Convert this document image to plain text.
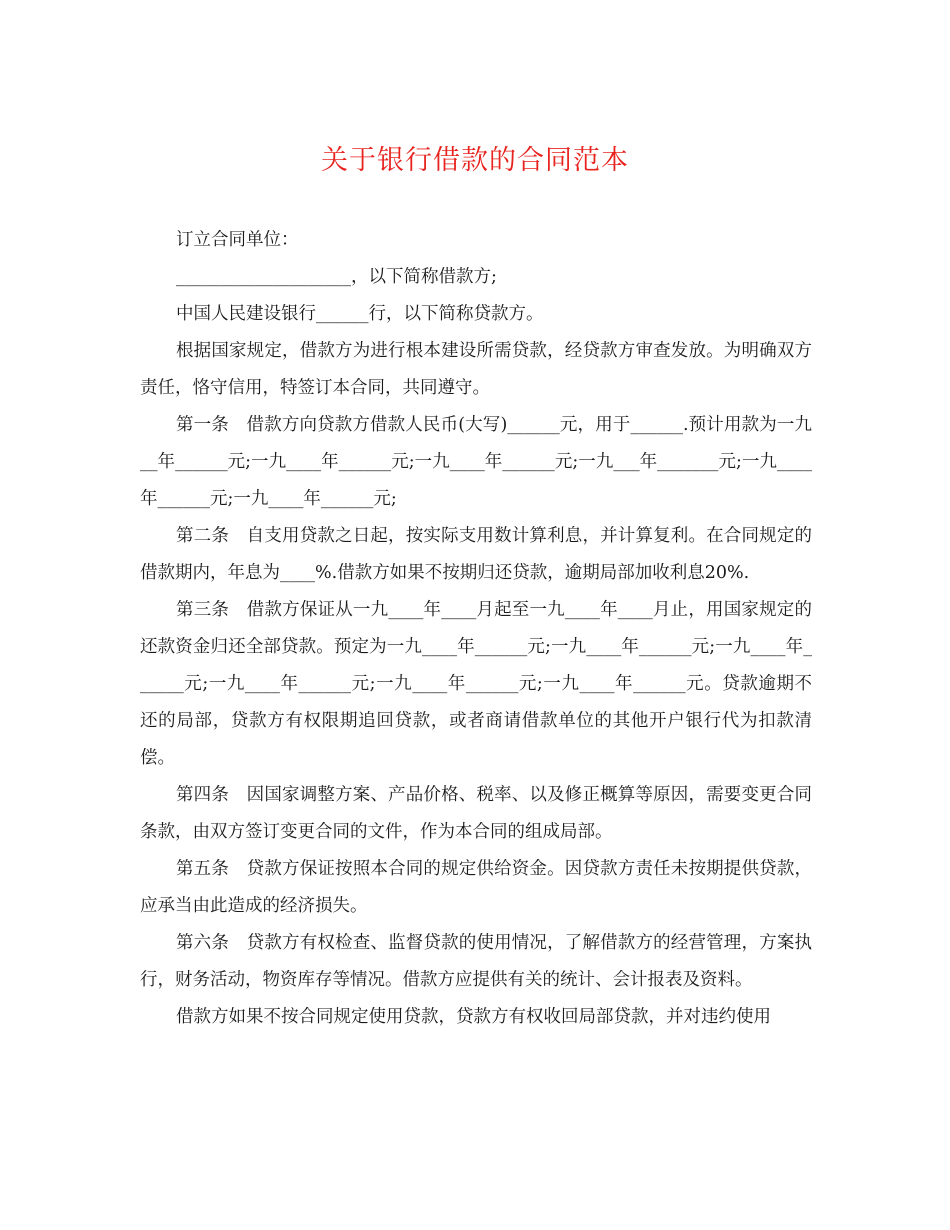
关于银行借款的合同范本

订立合同单位：

____________________，以下简称借款方;

中国人民建设银行______行，以下简称贷款方。

根据国家规定，借款方为进行根本建设所需贷款，经贷款方审查发放。为明确双方责任，恪守信用，特签订本合同，共同遵守。

第一条　借款方向贷款方借款人民币(大写)______元，用于______.预计用款为一九__年______元;一九____年______元;一九____年______元;一九___年_______元;一九____年______元;一九____年______元;

第二条　自支用贷款之日起，按实际支用数计算利息，并计算复利。在合同规定的借款期内，年息为____%.借款方如果不按期归还贷款，逾期局部加收利息20%.

第三条　借款方保证从一九____年____月起至一九____年____月止，用国家规定的还款资金归还全部贷款。预定为一九____年______元;一九____年______元;一九____年______元;一九____年______元;一九____年______元;一九____年______元。贷款逾期不还的局部，贷款方有权限期追回贷款，或者商请借款单位的其他开户银行代为扣款清偿。

第四条　因国家调整方案、产品价格、税率、以及修正概算等原因，需要变更合同条款，由双方签订变更合同的文件，作为本合同的组成局部。

第五条　贷款方保证按照本合同的规定供给资金。因贷款方责任未按期提供贷款，应承当由此造成的经济损失。

第六条　贷款方有权检查、监督贷款的使用情况，了解借款方的经营管理，方案执行，财务活动，物资库存等情况。借款方应提供有关的统计、会计报表及资料。

借款方如果不按合同规定使用贷款，贷款方有权收回局部贷款，并对违约使用
